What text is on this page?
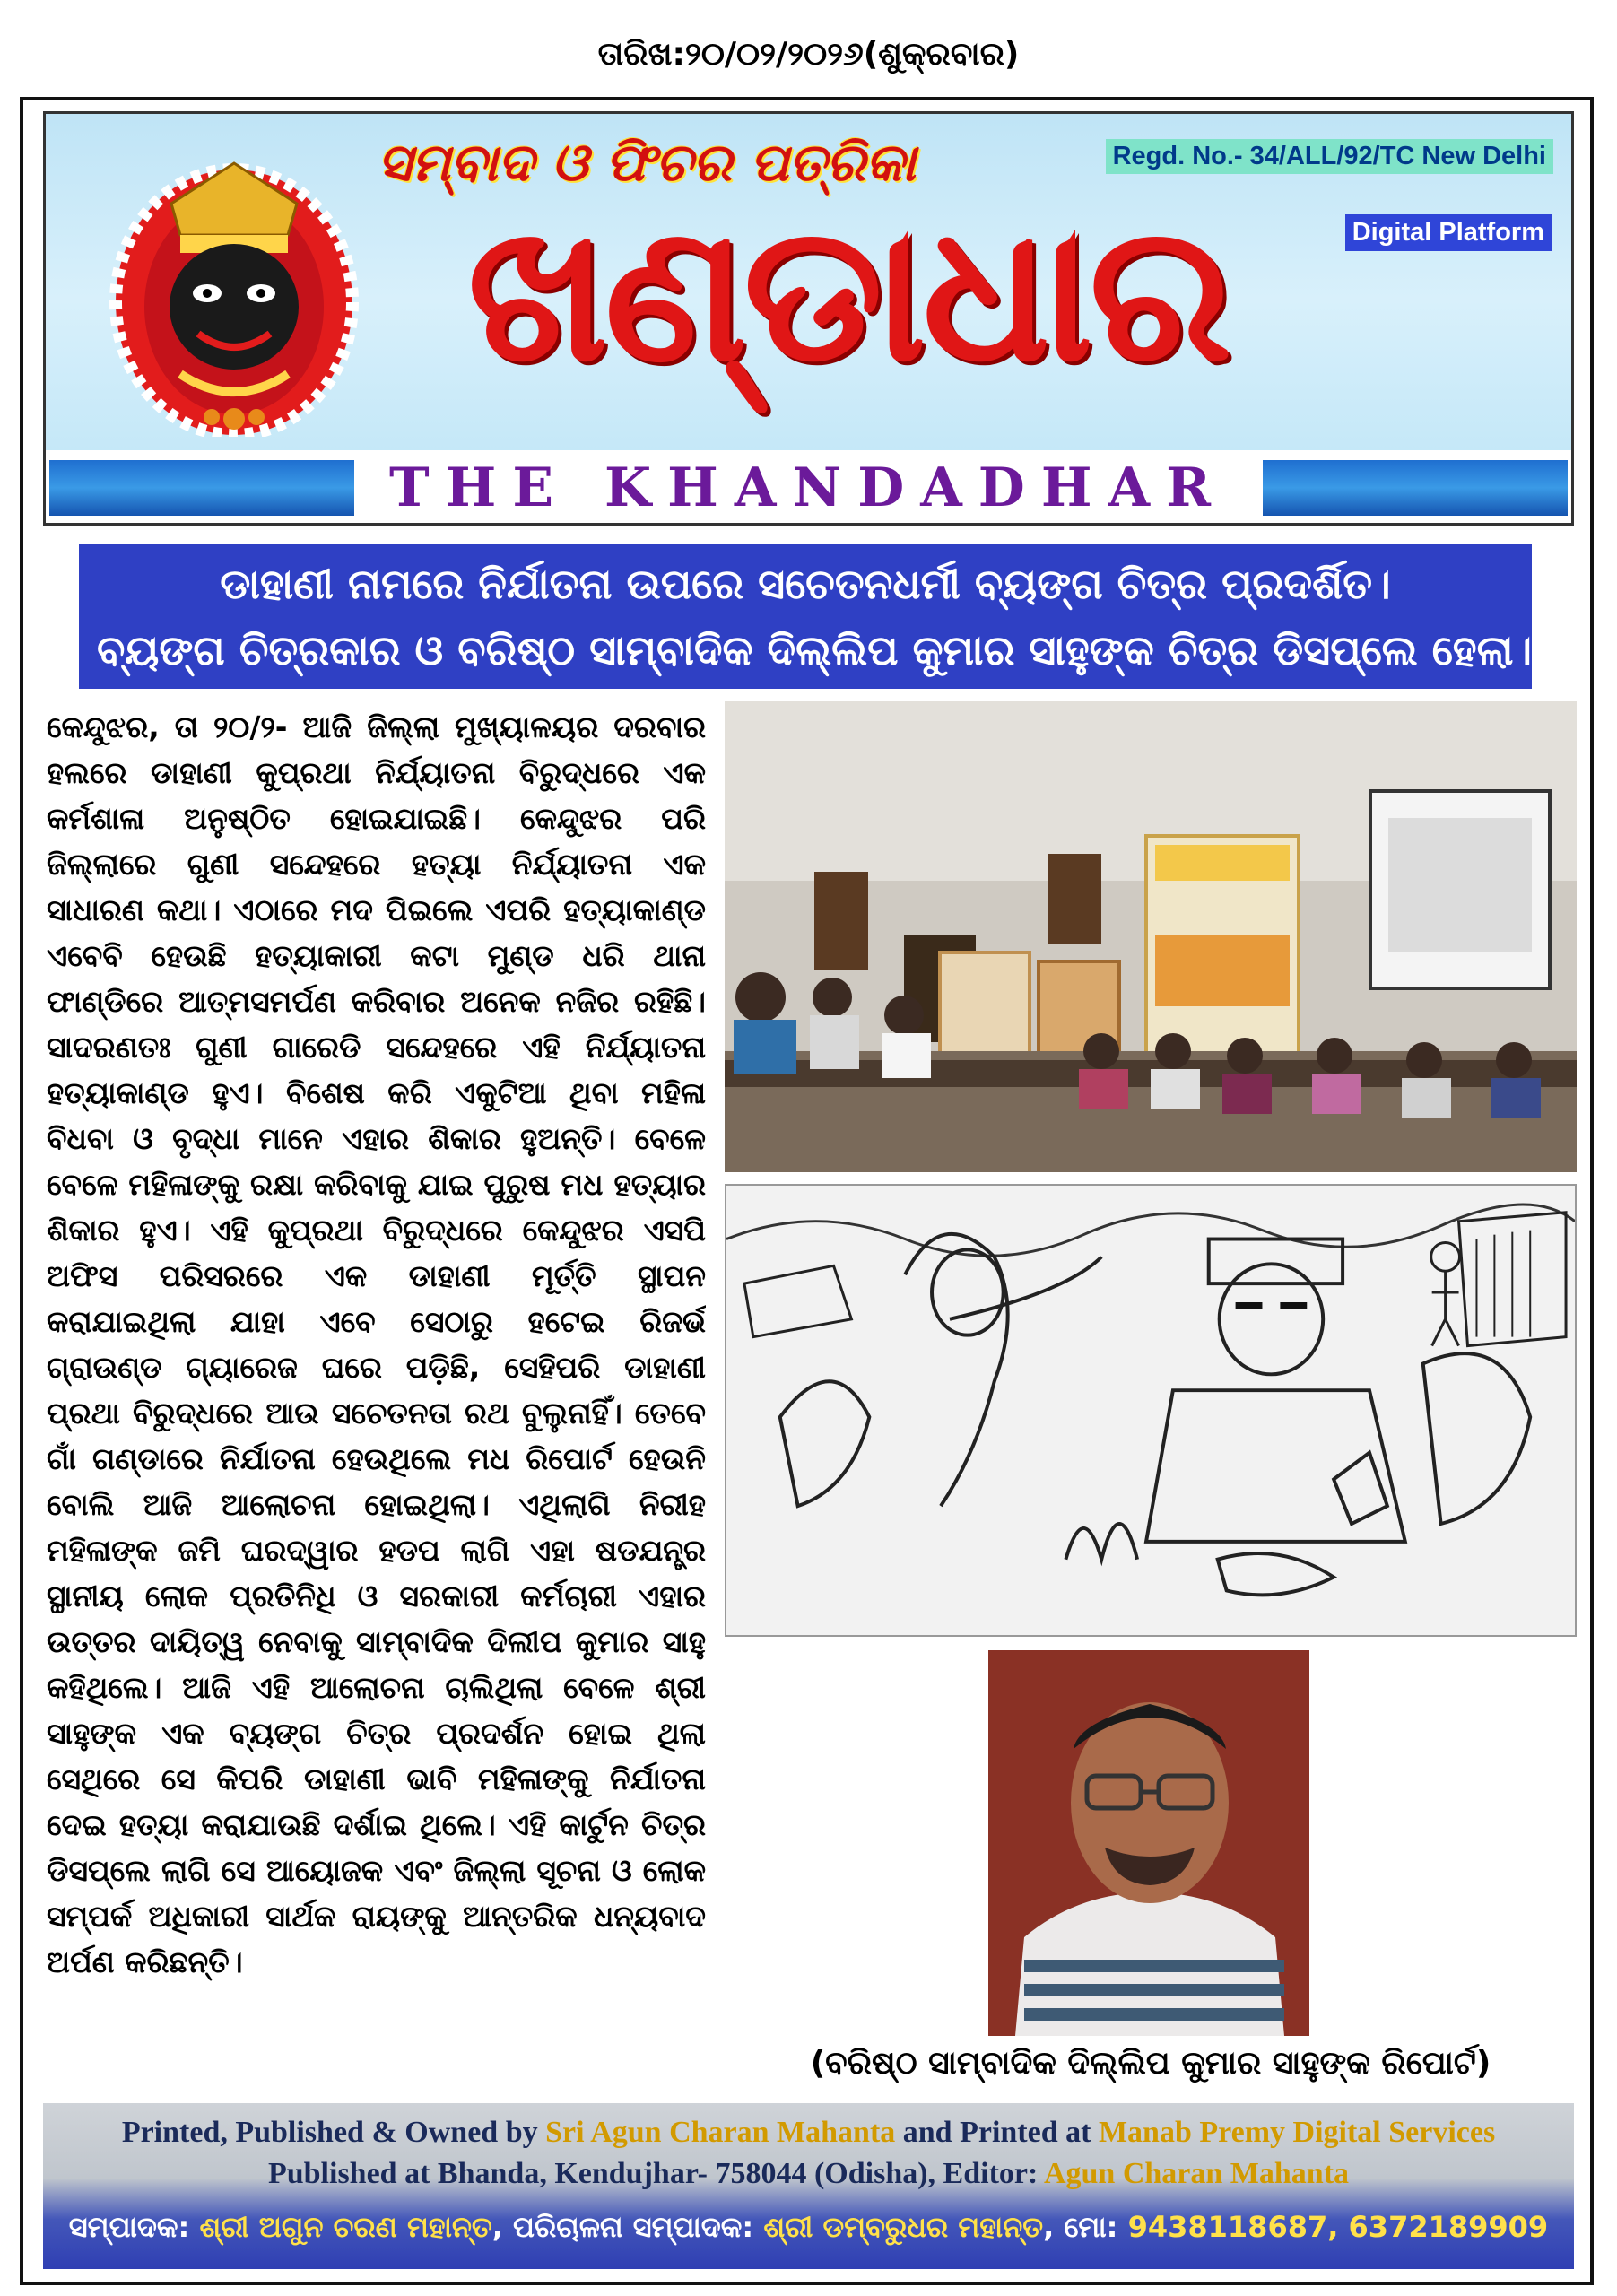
ତାରିଖ:୨୦/୦୨/୨୦୨୬(ଶୁକ୍ରବାର)
ସମ୍ବାଦ ଓ ଫିଚର ପତ୍ରିକା
ଖଣ୍ଡାଧାର
Regd. No.- 34/ALL/92/TC New Delhi
Digital Platform
THE KHANDADHAR
ଡାହାଣୀ ନାମରେ ନିର୍ଯାତନା ଉପରେ ସଚେତନଧର୍ମୀ ବ୍ୟଙ୍ଗ ଚିତ୍ର ପ୍ରଦର୍ଶିତ।
ବ୍ୟଙ୍ଗ ଚିତ୍ରକାର ଓ ବରିଷ୍ଠ ସାମ୍ବାଦିକ ଦିଲ୍ଲିପ କୁମାର ସାହୁଙ୍କ ଚିତ୍ର ଡିସପ୍ଲେ ହେଲା।
କେନ୍ଦୁଝର, ତା ୨୦/୨- ଆଜି ଜିଲ୍ଲା ମୁଖ୍ୟାଳୟର ଦରବାର ହଲରେ ଡାହାଣୀ କୁପ୍ରଥା ନିର୍ଯ୍ୟାତନା ବିରୁଦ୍ଧରେ ଏକ କର୍ମଶାଳା ଅନୁଷ୍ଠିତ ହୋଇଯାଇଛି। କେନ୍ଦୁଝର ପରି ଜିଲ୍ଲାରେ ଗୁଣୀ ସନ୍ଦେହରେ ହତ୍ୟା ନିର୍ଯ୍ୟାତନା ଏକ ସାଧାରଣ କଥା। ଏଠାରେ ମଦ ପିଇଲେ ଏପରି ହତ୍ୟାକାଣ୍ଡ ଏବେବି ହେଉଛି ହତ୍ୟାକାରୀ କଟା ମୁଣ୍ଡ ଧରି ଥାନା ଫାଣ୍ଡିରେ ଆତ୍ମସମର୍ପଣ କରିବାର ଅନେକ ନଜିର ରହିଛି। ସାଦରଣତଃ ଗୁଣୀ ଗାରେଡି ସନ୍ଦେହରେ ଏହି ନିର୍ଯ୍ୟାତନା ହତ୍ୟାକାଣ୍ଡ ହୁଏ। ବିଶେଷ କରି ଏକୁଟିଆ ଥିବା ମହିଳା ବିଧବା ଓ ବୃଦ୍ଧା ମାନେ ଏହାର ଶିକାର ହୁଅନ୍ତି। ବେଳେ ବେଳେ ମହିଳାଙ୍କୁ ରକ୍ଷା କରିବାକୁ ଯାଇ ପୁରୁଷ ମଧ ହତ୍ୟାର ଶିକାର ହୁଏ। ଏହି କୁପ୍ରଥା ବିରୁଦ୍ଧରେ କେନ୍ଦୁଝର ଏସପି ଅଫିସ ପରିସରରେ ଏକ ଡାହାଣୀ ମୂର୍ତ୍ତି ସ୍ଥାପନ କରାଯାଇଥିଲା ଯାହା ଏବେ ସେଠାରୁ ହଟେଇ ରିଜର୍ଭ ଗ୍ରାଉଣ୍ଡ ଗ୍ୟାରେଜ ଘରେ ପଡ଼ିଛି, ସେହିପରି ଡାହାଣୀ ପ୍ରଥା ବିରୁଦ୍ଧରେ ଆଉ ସଚେତନତା ରଥ ବୁଲୁନାହିଁ। ତେବେ ଗାଁ ଗଣ୍ଡାରେ ନିର୍ଯାତନା ହେଉଥିଲେ ମଧ ରିପୋର୍ଟ ହେଉନି ବୋଲି ଆଜି ଆଲୋଚନା ହୋଇଥିଲା। ଏଥିଲାଗି ନିରୀହ ମହିଳାଙ୍କ ଜମି ଘରଦ୍ୱାର ହଡପ ଲାଗି ଏହା ଷଡଯନ୍ତ୍ର ସ୍ଥାନୀୟ ଲୋକ ପ୍ରତିନିଧି ଓ ସରକାରୀ କର୍ମଚାରୀ ଏହାର ଉତ୍ତର ଦାୟିତ୍ୱ ନେବାକୁ ସାମ୍ବାଦିକ ଦିଲୀପ କୁମାର ସାହୁ କହିଥିଲେ। ଆଜି ଏହି ଆଲୋଚନା ଚାଲିଥିଲା ବେଳେ ଶ୍ରୀ ସାହୁଙ୍କ ଏକ ବ୍ୟଙ୍ଗ ଚିତ୍ର ପ୍ରଦର୍ଶନ ହୋଇ ଥିଲା ସେଥିରେ ସେ କିପରି ଡାହାଣୀ ଭାବି ମହିଳାଙ୍କୁ ନିର୍ଯାତନା ଦେଇ ହତ୍ୟା କରାଯାଉଛି ଦର୍ଶାଇ ଥିଲେ। ଏହି କାର୍ଟୁନ ଚିତ୍ର ଡିସପ୍ଲେ ଲାଗି ସେ ଆୟୋଜକ ଏବଂ ଜିଲ୍ଲା ସୂଚନା ଓ ଲୋକ ସମ୍ପର୍କ ଅଧିକାରୀ ସାର୍ଥକ ରାୟଙ୍କୁ ଆନ୍ତରିକ ଧନ୍ୟବାଦ ଅର୍ପଣ କରିଛନ୍ତି।
(ବରିଷ୍ଠ ସାମ୍ବାଦିକ ଦିଲ୍ଲିପ କୁମାର ସାହୁଙ୍କ ରିପୋର୍ଟ)
Printed, Published & Owned by Sri Agun Charan Mahanta and Printed at Manab Premy Digital Services
Published at Bhanda, Kendujhar- 758044 (Odisha), Editor: Agun Charan Mahanta
ସମ୍ପାଦକ: ଶ୍ରୀ ଅଗୁନ ଚରଣ ମହାନ୍ତ, ପରିଚାଳନା ସମ୍ପାଦକ: ଶ୍ରୀ ଡମ୍ବରୁଧର ମହାନ୍ତ, ମୋ: 9438118687, 6372189909
